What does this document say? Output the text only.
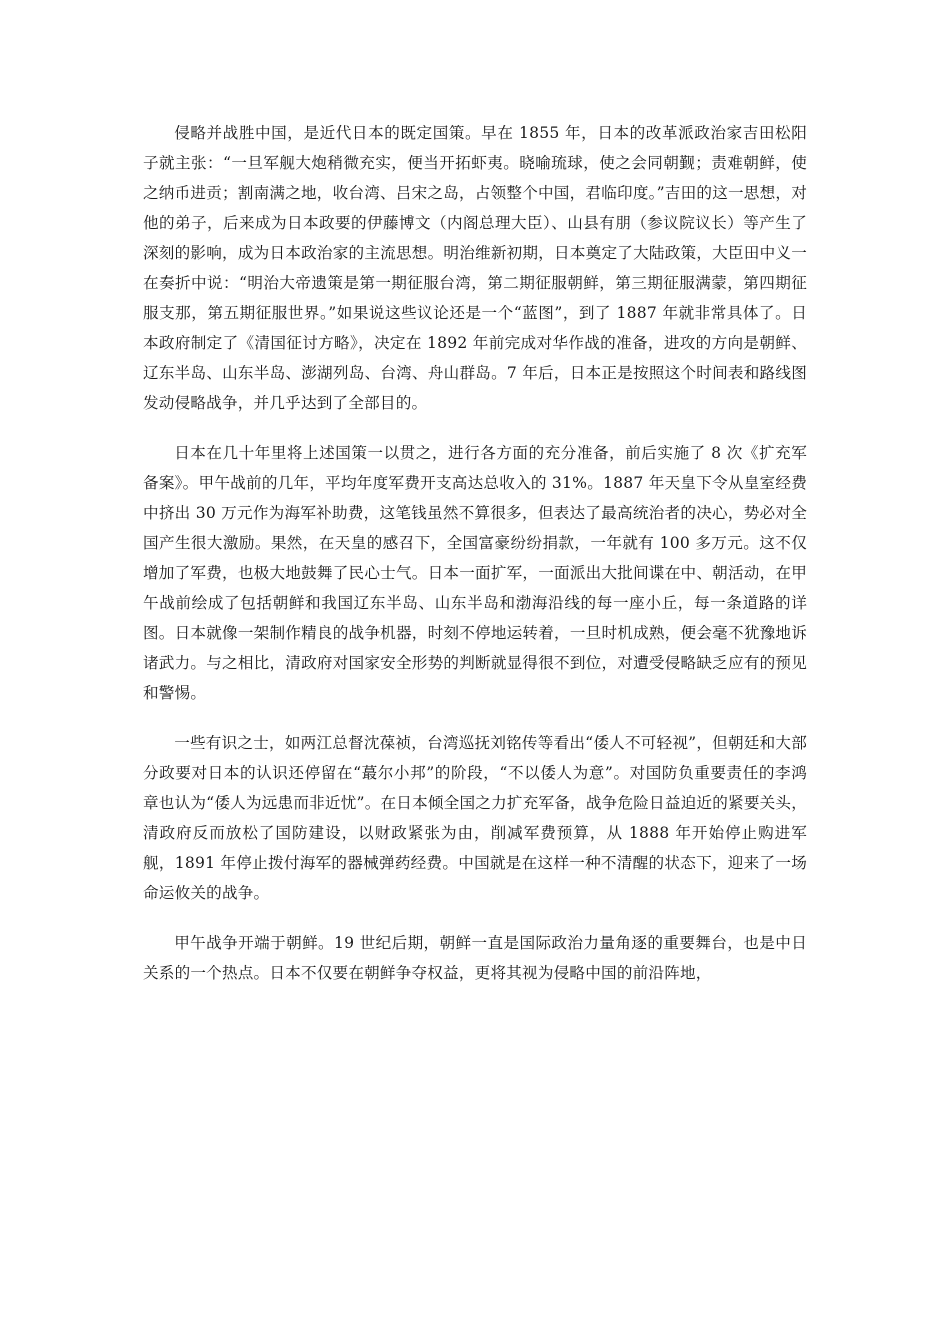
侵略并战胜中国，是近代日本的既定国策。早在 1855 年，日本的改革派政治家吉田松阳子就主张：“一旦军舰大炮稍微充实，便当开拓虾夷。晓喻琉球，使之会同朝觐；责难朝鲜，使之纳币进贡；割南满之地，收台湾、吕宋之岛，占领整个中国，君临印度。”吉田的这一思想，对他的弟子，后来成为日本政要的伊藤博文（内阁总理大臣）、山县有朋（参议院议长）等产生了深刻的影响，成为日本政治家的主流思想。明治维新初期，日本奠定了大陆政策，大臣田中义一在奏折中说：“明治大帝遗策是第一期征服台湾，第二期征服朝鲜，第三期征服满蒙，第四期征服支那，第五期征服世界。”如果说这些议论还是一个“蓝图”，到了 1887 年就非常具体了。日本政府制定了《清国征讨方略》，决定在 1892 年前完成对华作战的准备，进攻的方向是朝鲜、辽东半岛、山东半岛、澎湖列岛、台湾、舟山群岛。7 年后，日本正是按照这个时间表和路线图发动侵略战争，并几乎达到了全部目的。

日本在几十年里将上述国策一以贯之，进行各方面的充分准备，前后实施了 8 次《扩充军备案》。甲午战前的几年，平均年度军费开支高达总收入的 31%。1887 年天皇下令从皇室经费中挤出 30 万元作为海军补助费，这笔钱虽然不算很多，但表达了最高统治者的决心，势必对全国产生很大激励。果然，在天皇的感召下，全国富豪纷纷捐款，一年就有 100 多万元。这不仅增加了军费，也极大地鼓舞了民心士气。日本一面扩军，一面派出大批间谍在中、朝活动，在甲午战前绘成了包括朝鲜和我国辽东半岛、山东半岛和渤海沿线的每一座小丘，每一条道路的详图。日本就像一架制作精良的战争机器，时刻不停地运转着，一旦时机成熟，便会毫不犹豫地诉诸武力。与之相比，清政府对国家安全形势的判断就显得很不到位，对遭受侵略缺乏应有的预见和警惕。

一些有识之士，如两江总督沈葆祯，台湾巡抚刘铭传等看出“倭人不可轻视”，但朝廷和大部分政要对日本的认识还停留在“蕞尔小邦”的阶段，“不以倭人为意”。对国防负重要责任的李鸿章也认为“倭人为远患而非近忧”。在日本倾全国之力扩充军备，战争危险日益迫近的紧要关头，清政府反而放松了国防建设，以财政紧张为由，削减军费预算，从 1888 年开始停止购进军舰，1891 年停止拨付海军的器械弹药经费。中国就是在这样一种不清醒的状态下，迎来了一场命运攸关的战争。

甲午战争开端于朝鲜。19 世纪后期，朝鲜一直是国际政治力量角逐的重要舞台，也是中日关系的一个热点。日本不仅要在朝鲜争夺权益，更将其视为侵略中国的前沿阵地，
